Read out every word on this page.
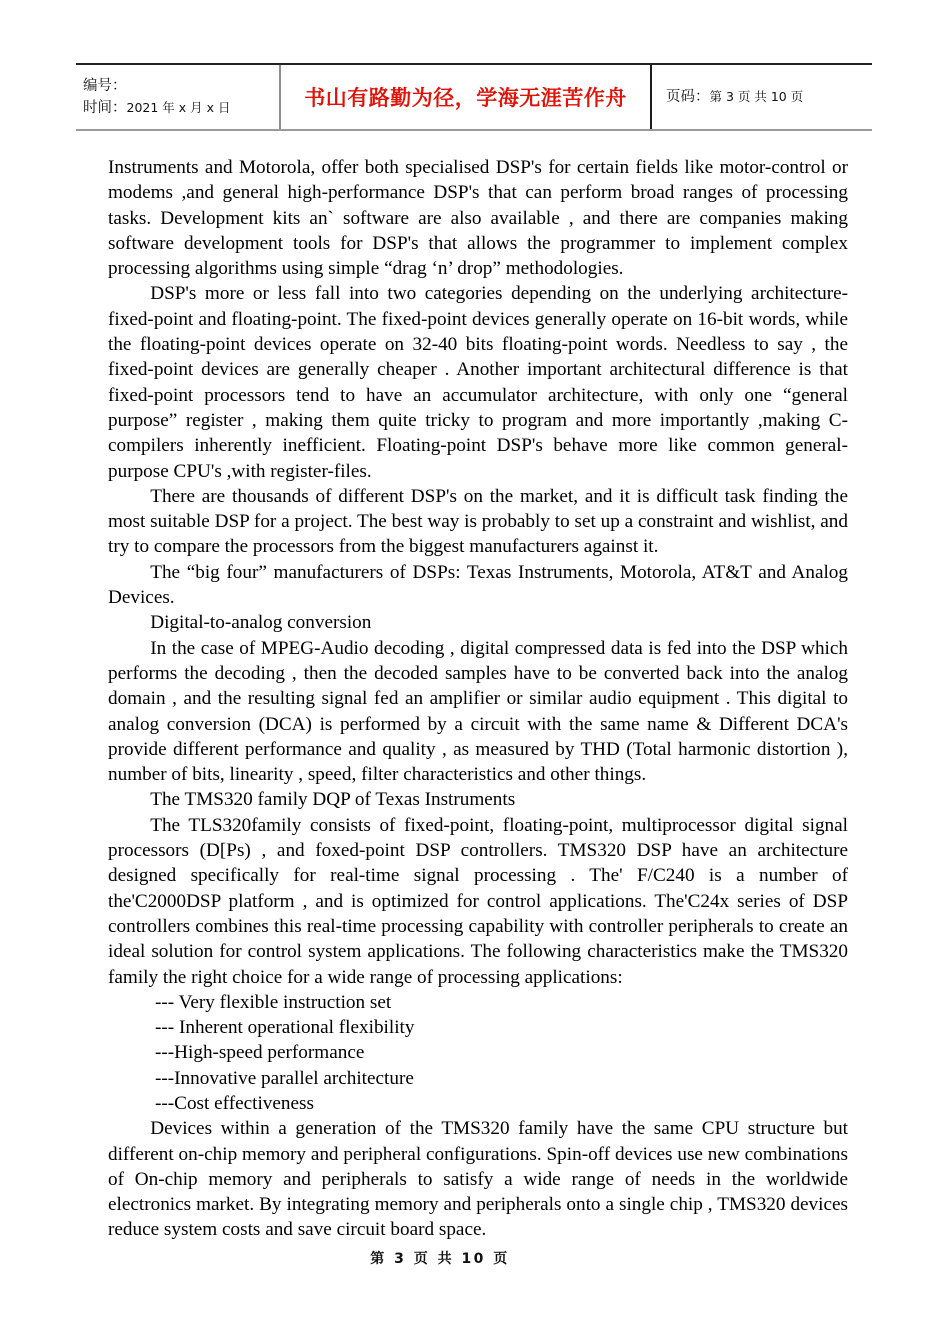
编号：
时间：2021 年 x 月 x 日	书山有路勤为径，学海无涯苦作舟	页码：第 3 页 共 10 页

Instruments and Motorola, offer both specialised DSP's for certain fields like motor-control or modems ,and general high-performance DSP's that can perform broad ranges of processing tasks. Development kits an` software are also available , and there are companies making software development tools for DSP's that allows the programmer to implement complex processing algorithms using simple “drag ‘n’ drop” methodologies.

DSP's more or less fall into two categories depending on the underlying architecture-fixed-point and floating-point. The fixed-point devices generally operate on 16-bit words, while the floating-point devices operate on 32-40 bits floating-point words. Needless to say , the fixed-point devices are generally cheaper . Another important architectural difference is that fixed-point processors tend to have an accumulator architecture, with only one “general purpose” register , making them quite tricky to program and more importantly ,making C-compilers inherently inefficient. Floating-point DSP's behave more like common general-purpose CPU's ,with register-files.

There are thousands of different DSP's on the market, and it is difficult task finding the most suitable DSP for a project. The best way is probably to set up a constraint and wishlist, and try to compare the processors from the biggest manufacturers against it.

The “big four” manufacturers of DSPs: Texas Instruments, Motorola, AT&T and Analog Devices.

Digital-to-analog conversion

In the case of MPEG-Audio decoding , digital compressed data is fed into the DSP which performs the decoding , then the decoded samples have to be converted back into the analog domain , and the resulting signal fed an amplifier or similar audio equipment . This digital to analog conversion (DCA) is performed by a circuit with the same name & Different DCA's provide different performance and quality , as measured by THD (Total harmonic distortion ), number of bits, linearity , speed, filter characteristics and other things.

The TMS320 family DQP of Texas Instruments

The TLS320family consists of fixed-point, floating-point, multiprocessor digital signal processors (D[Ps) , and foxed-point DSP controllers. TMS320 DSP have an architecture designed specifically for real-time signal processing . The' F/C240 is a number of the'C2000DSP platform , and is optimized for control applications. The'C24x series of DSP controllers combines this real-time processing capability with controller peripherals to create an ideal solution for control system applications. The following characteristics make the TMS320 family the right choice for a wide range of processing applications:

--- Very flexible instruction set
--- Inherent operational flexibility
---High-speed performance
---Innovative parallel architecture
---Cost effectiveness

Devices within a generation of the TMS320 family have the same CPU structure but different on-chip memory and peripheral configurations. Spin-off devices use new combinations of On-chip memory and peripherals to satisfy a wide range of needs in the worldwide electronics market. By integrating memory and peripherals onto a single chip , TMS320 devices reduce system costs and save circuit board space.

第 3 页 共 10 页
